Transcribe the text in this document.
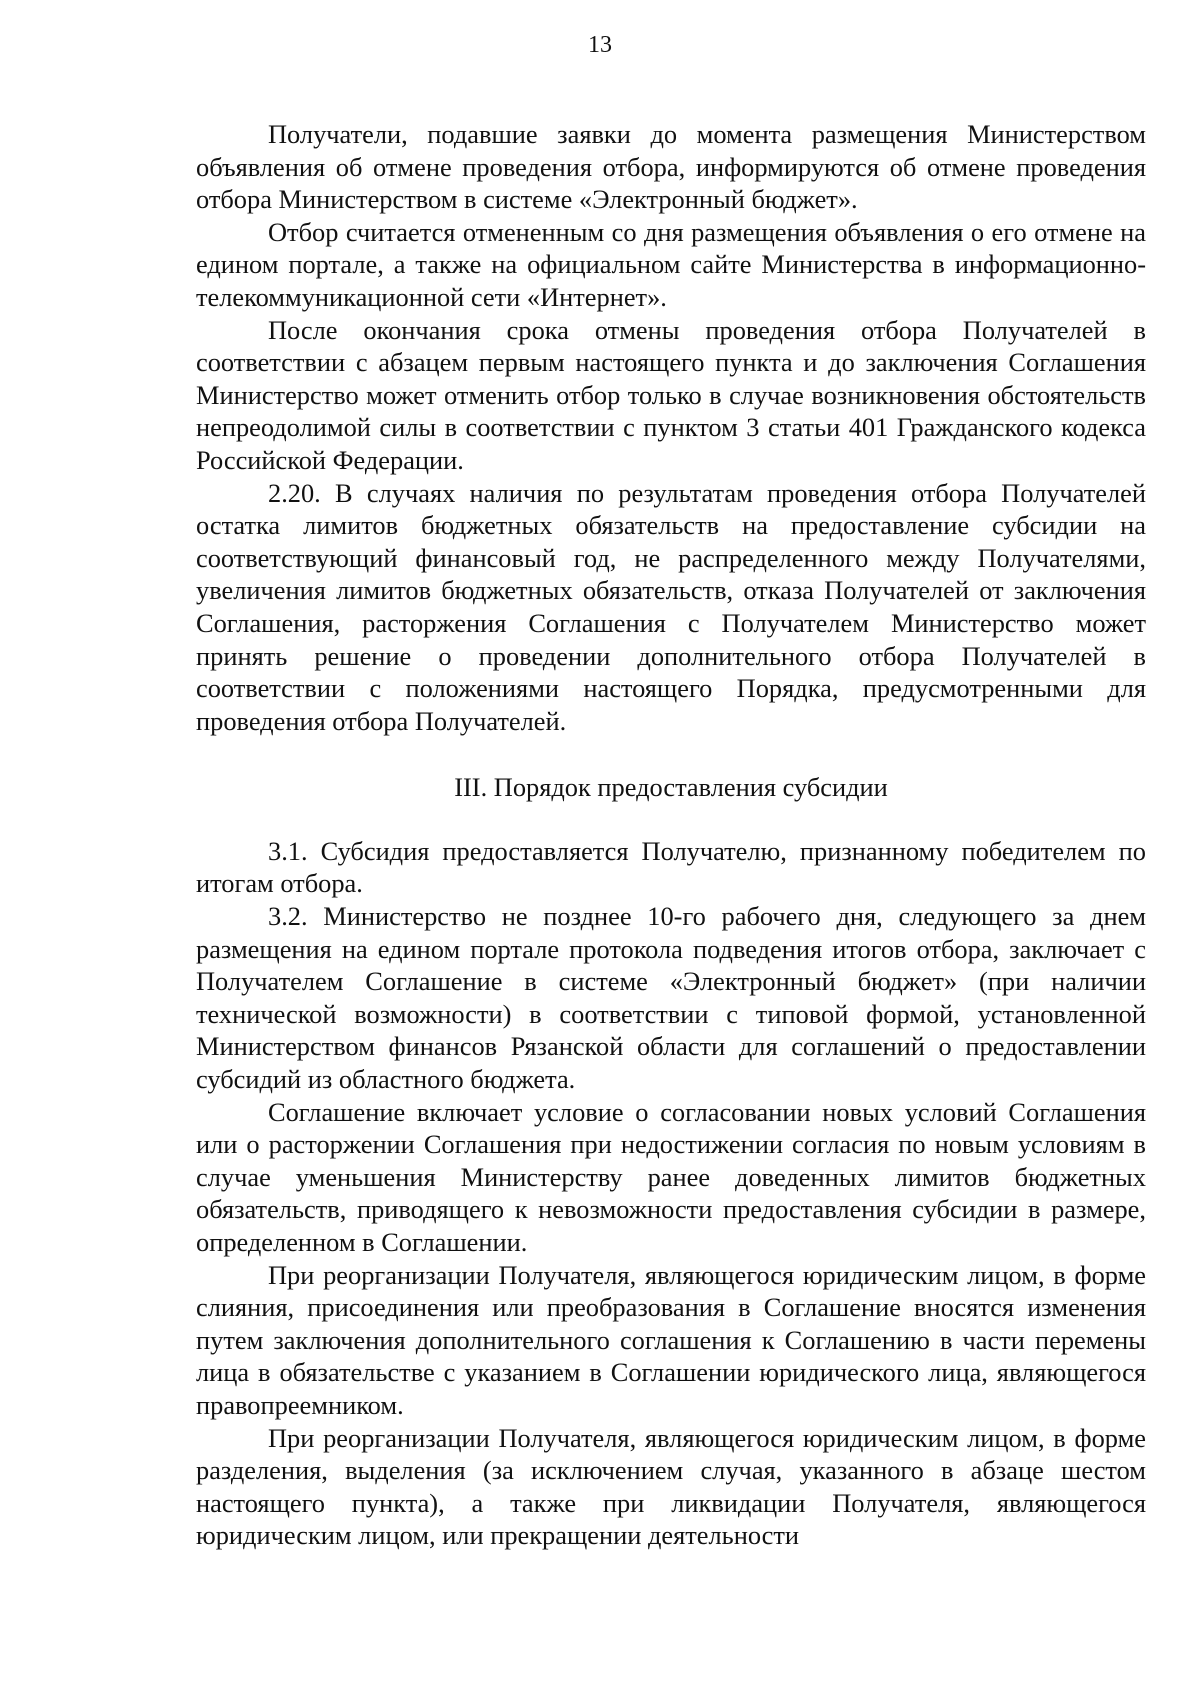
13

Получатели, подавшие заявки до момента размещения Министерством объявления об отмене проведения отбора, информируются об отмене проведения отбора Министерством в системе «Электронный бюджет».

Отбор считается отмененным со дня размещения объявления о его отмене на едином портале, а также на официальном сайте Министерства в информационно-телекоммуникационной сети «Интернет».

После окончания срока отмены проведения отбора Получателей в соответствии с абзацем первым настоящего пункта и до заключения Соглашения Министерство может отменить отбор только в случае возникновения обстоятельств непреодолимой силы в соответствии с пунктом 3 статьи 401 Гражданского кодекса Российской Федерации.

2.20. В случаях наличия по результатам проведения отбора Получателей остатка лимитов бюджетных обязательств на предоставление субсидии на соответствующий финансовый год, не распределенного между Получателями, увеличения лимитов бюджетных обязательств, отказа Получателей от заключения Соглашения, расторжения Соглашения с Получателем Министерство может принять решение о проведении дополнительного отбора Получателей в соответствии с положениями настоящего Порядка, предусмотренными для проведения отбора Получателей.

III. Порядок предоставления субсидии

3.1. Субсидия предоставляется Получателю, признанному победителем по итогам отбора.

3.2. Министерство не позднее 10-го рабочего дня, следующего за днем размещения на едином портале протокола подведения итогов отбора, заключает с Получателем Соглашение в системе «Электронный бюджет» (при наличии технической возможности) в соответствии с типовой формой, установленной Министерством финансов Рязанской области для соглашений о предоставлении субсидий из областного бюджета.

Соглашение включает условие о согласовании новых условий Соглашения или о расторжении Соглашения при недостижении согласия по новым условиям в случае уменьшения Министерству ранее доведенных лимитов бюджетных обязательств, приводящего к невозможности предоставления субсидии в размере, определенном в Соглашении.

При реорганизации Получателя, являющегося юридическим лицом, в форме слияния, присоединения или преобразования в Соглашение вносятся изменения путем заключения дополнительного соглашения к Соглашению в части перемены лица в обязательстве с указанием в Соглашении юридического лица, являющегося правопреемником.

При реорганизации Получателя, являющегося юридическим лицом, в форме разделения, выделения (за исключением случая, указанного в абзаце шестом настоящего пункта), а также при ликвидации Получателя, являющегося юридическим лицом, или прекращении деятельности
